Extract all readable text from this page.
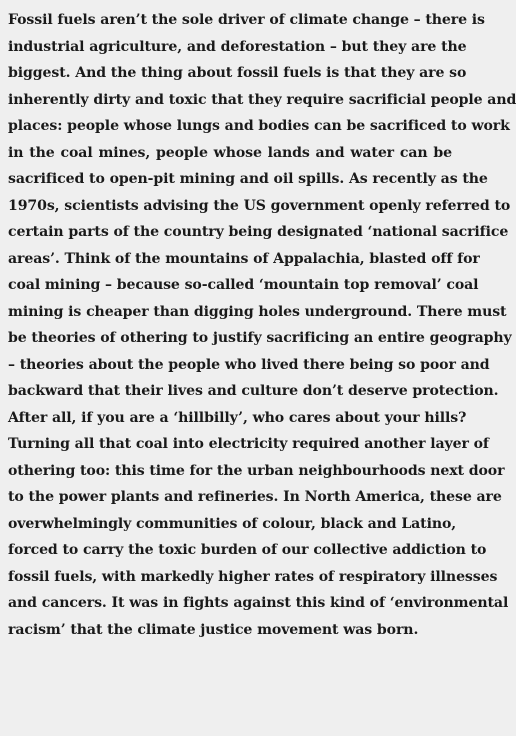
Fossil fuels aren’t the sole driver of climate change – there is
industrial agriculture, and deforestation – but they are the
biggest. And the thing about fossil fuels is that they are so
inherently dirty and toxic that they require sacrificial people and
places: people whose lungs and bodies can be sacrificed to work
in the coal mines, people whose lands and water can be
sacrificed to open-pit mining and oil spills. As recently as the
1970s, scientists advising the US government openly referred to
certain parts of the country being designated ‘national sacrifice
areas’. Think of the mountains of Appalachia, blasted off for
coal mining – because so-called ‘mountain top removal’ coal
mining is cheaper than digging holes underground. There must
be theories of othering to justify sacrificing an entire geography
– theories about the people who lived there being so poor and
backward that their lives and culture don’t deserve protection.
After all, if you are a ‘hillbilly’, who cares about your hills?
Turning all that coal into electricity required another layer of
othering too: this time for the urban neighbourhoods next door
to the power plants and refineries. In North America, these are
overwhelmingly communities of colour, black and Latino,
forced to carry the toxic burden of our collective addiction to
fossil fuels, with markedly higher rates of respiratory illnesses
and cancers. It was in fights against this kind of ‘environmental
racism’ that the climate justice movement was born.
